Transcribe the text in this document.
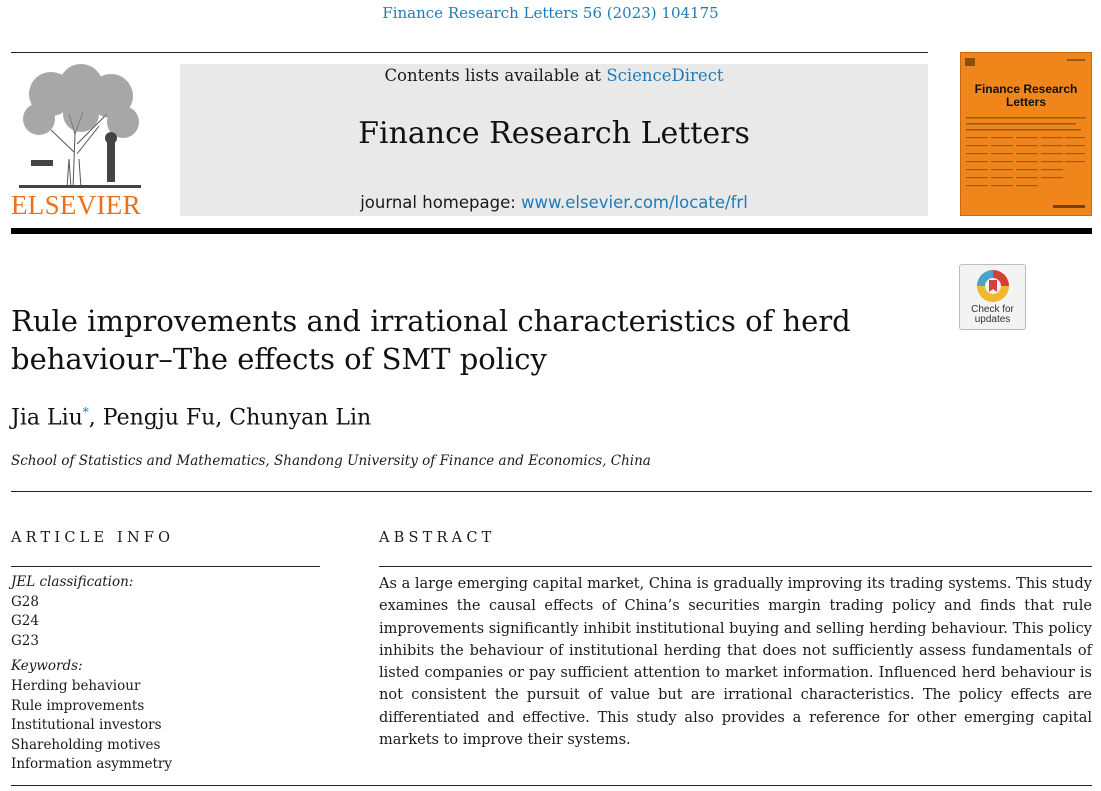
Finance Research Letters 56 (2023) 104175
ELSEVIER
Contents lists available at ScienceDirect
Finance Research Letters
journal homepage: www.elsevier.com/locate/frl
Finance Research Letters
Check for updates
Rule improvements and irrational characteristics of herd behaviour–The effects of SMT policy
Jia Liu*, Pengju Fu, Chunyan Lin
School of Statistics and Mathematics, Shandong University of Finance and Economics, China
ARTICLE INFO	ABSTRACT
JEL classification:
G28
G24
G23
Keywords:
Herding behaviour
Rule improvements
Institutional investors
Shareholding motives
Information asymmetry
As a large emerging capital market, China is gradually improving its trading systems. This study examines the causal effects of China’s securities margin trading policy and finds that rule improvements significantly inhibit institutional buying and selling herding behaviour. This policy inhibits the behaviour of institutional herding that does not sufficiently assess fundamentals of listed companies or pay sufficient attention to market information. Influenced herd behaviour is not consistent the pursuit of value but are irrational characteristics. The policy effects are differentiated and effective. This study also provides a reference for other emerging capital markets to improve their systems.
